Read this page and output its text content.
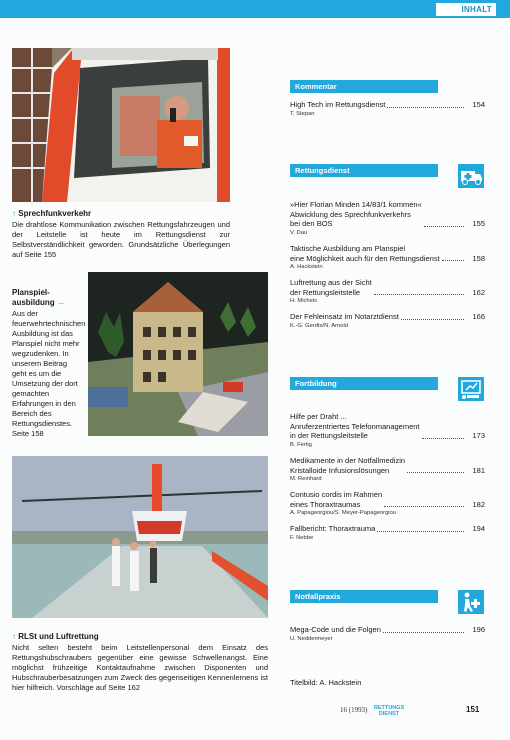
INHALT
↑ Sprechfunkverkehr
Die drahtlose Kommunikation zwischen Rettungsfahrzeugen und der Leitstelle ist heute im Rettungsdienst zur Selbstverständlichkeit geworden. Grundsätzliche Überlegungen auf Seite 155
Planspiel-
ausbildung →
Aus der feuerwehrtechnischen Ausbildung ist das Planspiel nicht mehr wegzudenken. In unserem Beitrag geht es um die Umsetzung der dort gemachten Erfahrungen in den Bereich des Rettungsdienstes. Seite 158
↑ RLSt und Luftrettung
Nicht selten besteht beim Leitstellenpersonal dem Einsatz des Rettungshubschraubers gegenüber eine gewisse Schwellenangst. Eine möglichst frühzeitige Kontaktaufnahme zwischen Disponenten und Hubschrauberbesatzungen zum Zweck des gegenseitigen Kennenlernens ist hier hilfreich. Vorschläge auf Seite 162
Kommentar
High Tech im Rettungsdienst	154
T. Stepan
Rettungsdienst
»Hier Florian Minden 14/83/1 kommen«
Abwicklung des Sprechfunkverkehrs
bei den BOS	155
V. Dau
Taktische Ausbildung am Planspiel
eine Möglichkeit auch für den Rettungsdienst	158
A. Hackstein
Luftrettung aus der Sicht
der Rettungsleitstelle	162
H. Michels
Der Fehleinsatz im Notarztdienst	166
K.-G. Gerdts/N. Arnold
Fortbildung
Hilfe per Draht ...
Anruferzentriertes Telefonmanagement
in der Rettungsleitstelle	173
B. Fertig
Medikamente in der Notfallmedizin
Kristalloide Infusionslösungen	181
M. Reinhard
Contusio cordis im Rahmen
eines Thoraxtraumas	182
A. Papageorgiou/S. Meyer-Papageorgiou
Fallbericht: Thoraxtrauma	194
F. Nebbe
Notfallpraxis
Mega-Code und die Folgen	196
U. Neddermeyer
Titelbild: A. Hackstein
16 (1993) RETTUNGS
DIENST	151
